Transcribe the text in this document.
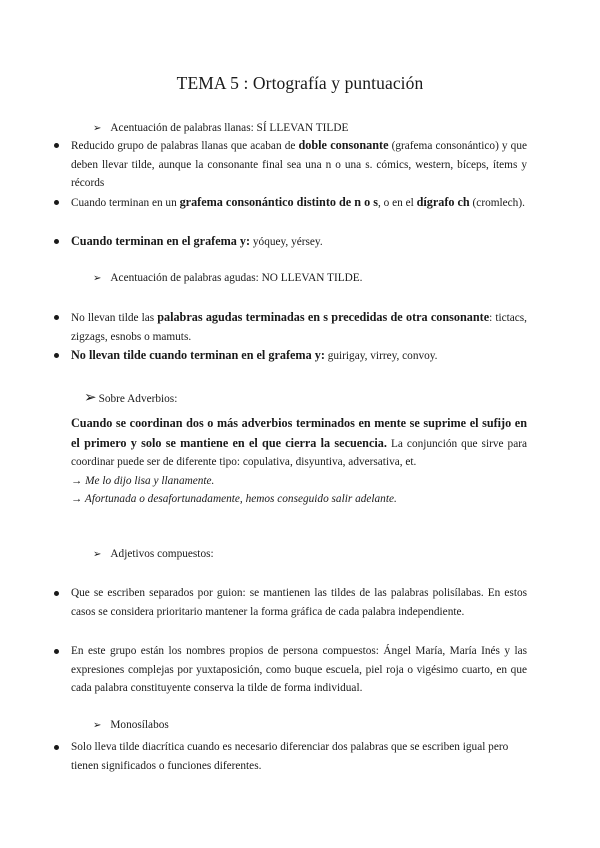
TEMA 5 : Ortografía y puntuación
➢ Acentuación de palabras llanas: SÍ LLEVAN TILDE
Reducido grupo de palabras llanas que acaban de doble consonante (grafema consonántico) y que deben llevar tilde, aunque la consonante final sea una n o una s. cómics, western, bíceps, ítems y récords
Cuando terminan en un grafema consonántico distinto de n o s, o en el dígrafo ch (cromlech).
Cuando terminan en el grafema y: yóquey, yérsey.
➢ Acentuación de palabras agudas: NO LLEVAN TILDE.
No llevan tilde las palabras agudas terminadas en s precedidas de otra consonante: tictacs, zigzags, esnobs o mamuts.
No llevan tilde cuando terminan en el grafema y: guirigay, virrey, convoy.
➢ Sobre Adverbios:
Cuando se coordinan dos o más adverbios terminados en mente se suprime el sufijo en el primero y solo se mantiene en el que cierra la secuencia. La conjunción que sirve para coordinar puede ser de diferente tipo: copulativa, disyuntiva, adversativa, et.
→ Me lo dijo lisa y llanamente.
→ Afortunada o desafortunadamente, hemos conseguido salir adelante.
➢ Adjetivos compuestos:
Que se escriben separados por guion: se mantienen las tildes de las palabras polisílabas. En estos casos se considera prioritario mantener la forma gráfica de cada palabra independiente.
En este grupo están los nombres propios de persona compuestos: Ángel María, María Inés y las expresiones complejas por yuxtaposición, como buque escuela, piel roja o vigésimo cuarto, en que cada palabra constituyente conserva la tilde de forma individual.
➢ Monosílabos
Solo lleva tilde diacrítica cuando es necesario diferenciar dos palabras que se escriben igual pero tienen significados o funciones diferentes.
